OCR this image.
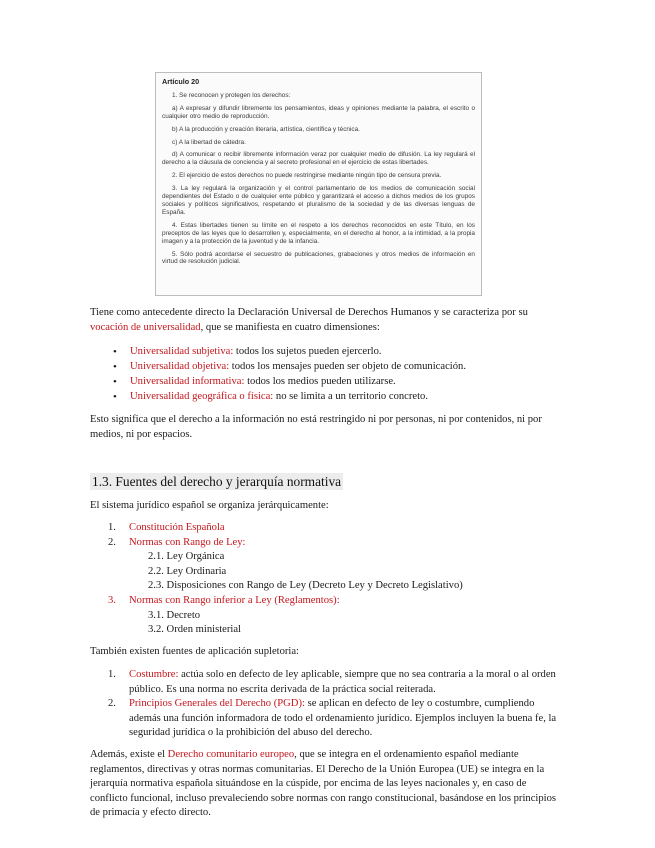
Artículo 20

1. Se reconocen y protegen los derechos:

a) A expresar y difundir libremente los pensamientos, ideas y opiniones mediante la palabra, el escrito o cualquier otro medio de reproducción.

b) A la producción y creación literaria, artística, científica y técnica.

c) A la libertad de cátedra.

d) A comunicar o recibir libremente información veraz por cualquier medio de difusión. La ley regulará el derecho a la cláusula de conciencia y al secreto profesional en el ejercicio de estas libertades.

2. El ejercicio de estos derechos no puede restringirse mediante ningún tipo de censura previa.

3. La ley regulará la organización y el control parlamentario de los medios de comunicación social dependientes del Estado o de cualquier ente público y garantizará el acceso a dichos medios de los grupos sociales y políticos significativos, respetando el pluralismo de la sociedad y de las diversas lenguas de España.

4. Estas libertades tienen su límite en el respeto a los derechos reconocidos en este Título, en los preceptos de las leyes que lo desarrollen y, especialmente, en el derecho al honor, a la intimidad, a la propia imagen y a la protección de la juventud y de la infancia.

5. Sólo podrá acordarse el secuestro de publicaciones, grabaciones y otros medios de información en virtud de resolución judicial.

Tiene como antecedente directo la Declaración Universal de Derechos Humanos y se caracteriza por su vocación de universalidad, que se manifiesta en cuatro dimensiones:
• Universalidad subjetiva: todos los sujetos pueden ejercerlo.
• Universalidad objetiva: todos los mensajes pueden ser objeto de comunicación.
• Universalidad informativa: todos los medios pueden utilizarse.
• Universalidad geográfica o física: no se limita a un territorio concreto.
Esto significa que el derecho a la información no está restringido ni por personas, ni por contenidos, ni por medios, ni por espacios.
1.3. Fuentes del derecho y jerarquía normativa
El sistema jurídico español se organiza jerárquicamente:
1. Constitución Española
2. Normas con Rango de Ley:
2.1. Ley Orgánica
2.2. Ley Ordinaria
2.3. Disposiciones con Rango de Ley (Decreto Ley y Decreto Legislativo)
3. Normas con Rango inferior a Ley (Reglamentos):
3.1. Decreto
3.2. Orden ministerial
También existen fuentes de aplicación supletoria:
1. Costumbre: actúa solo en defecto de ley aplicable, siempre que no sea contraria a la moral o al orden público. Es una norma no escrita derivada de la práctica social reiterada.
2. Principios Generales del Derecho (PGD): se aplican en defecto de ley o costumbre, cumpliendo además una función informadora de todo el ordenamiento jurídico. Ejemplos incluyen la buena fe, la seguridad jurídica o la prohibición del abuso del derecho.
Además, existe el Derecho comunitario europeo, que se integra en el ordenamiento español mediante reglamentos, directivas y otras normas comunitarias. El Derecho de la Unión Europea (UE) se integra en la jerarquía normativa española situándose en la cúspide, por encima de las leyes nacionales y, en caso de conflicto funcional, incluso prevaleciendo sobre normas con rango constitucional, basándose en los principios de primacía y efecto directo.
